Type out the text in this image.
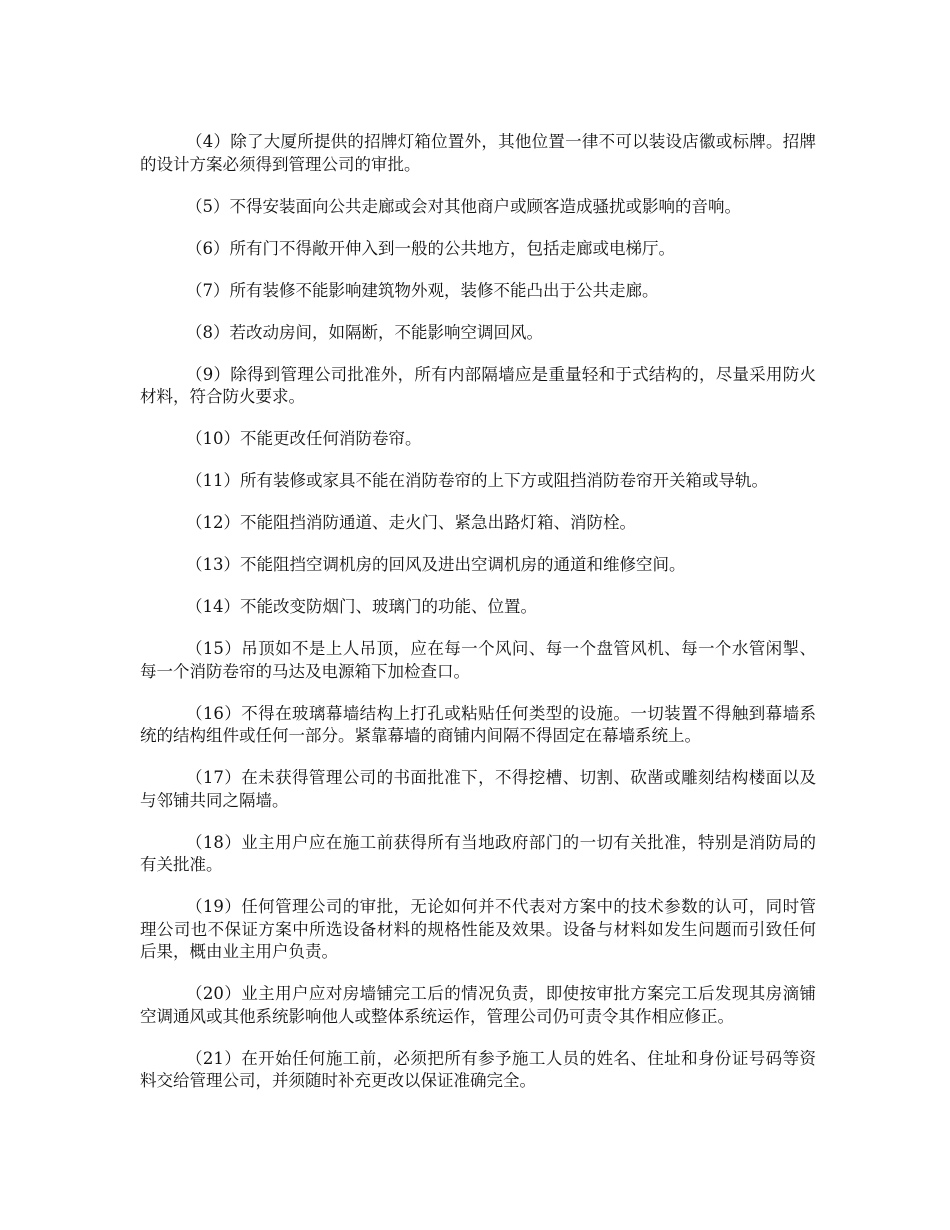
（4）除了大厦所提供的招牌灯箱位置外，其他位置一律不可以装设店徽或标牌。招牌的设计方案必须得到管理公司的审批。

（5）不得安装面向公共走廊或会对其他商户或顾客造成骚扰或影响的音响。

（6）所有门不得敞开伸入到一般的公共地方，包括走廊或电梯厅。

（7）所有装修不能影响建筑物外观，装修不能凸出于公共走廊。

（8）若改动房间，如隔断，不能影响空调回风。

（9）除得到管理公司批准外，所有内部隔墙应是重量轻和于式结构的，尽量采用防火材料，符合防火要求。

（10）不能更改任何消防卷帘。

（11）所有装修或家具不能在消防卷帘的上下方或阻挡消防卷帘开关箱或导轨。

（12）不能阻挡消防通道、走火门、紧急出路灯箱、消防栓。

（13）不能阻挡空调机房的回风及进出空调机房的通道和维修空间。

（14）不能改变防烟门、玻璃门的功能、位置。

（15）吊顶如不是上人吊顶，应在每一个风问、每一个盘管风机、每一个水管闲掣、每一个消防卷帘的马达及电源箱下加检查口。

（16）不得在玻璃幕墙结构上打孔或粘贴任何类型的设施。一切装置不得触到幕墙系统的结构组件或任何一部分。紧靠幕墙的商铺内间隔不得固定在幕墙系统上。

（17）在未获得管理公司的书面批准下，不得挖槽、切割、砍凿或雕刻结构楼面以及与邻铺共同之隔墙。

（18）业主用户应在施工前获得所有当地政府部门的一切有关批准，特别是消防局的有关批准。

（19）任何管理公司的审批，无论如何并不代表对方案中的技术参数的认可，同时管理公司也不保证方案中所选设备材料的规格性能及效果。设备与材料如发生问题而引致任何后果，概由业主用户负责。

（20）业主用户应对房墙铺完工后的情况负责，即使按审批方案完工后发现其房滴铺空调通风或其他系统影响他人或整体系统运作，管理公司仍可责令其作相应修正。

（21）在开始任何施工前，必须把所有参予施工人员的姓名、住址和身份证号码等资料交给管理公司，并须随时补充更改以保证准确完全。
